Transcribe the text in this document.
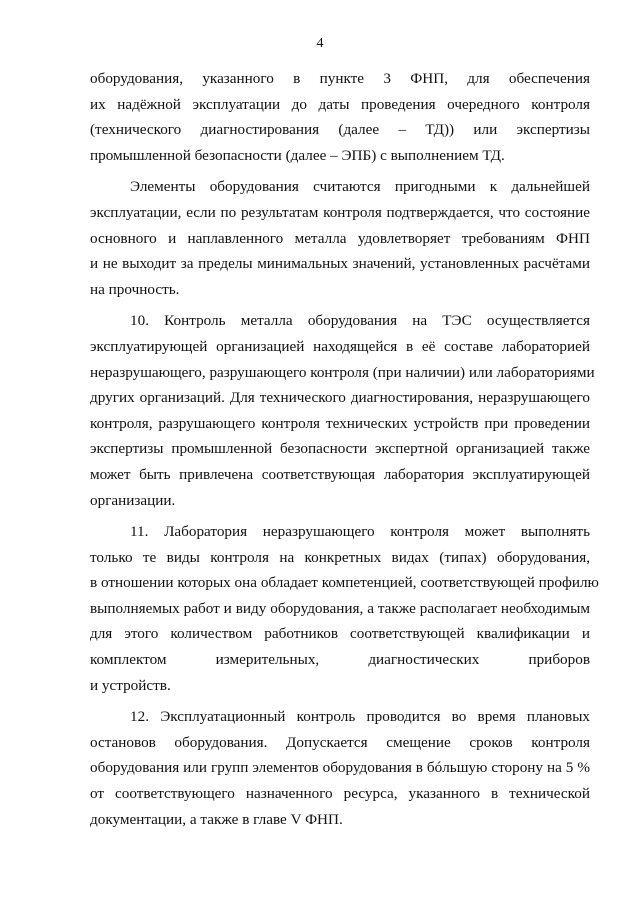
4

оборудования, указанного в пункте 3 ФНП, для обеспечения
их надёжной эксплуатации до даты проведения очередного контроля
(технического диагностирования (далее – ТД)) или экспертизы
промышленной безопасности (далее – ЭПБ) с выполнением ТД.

Элементы оборудования считаются пригодными к дальнейшей
эксплуатации, если по результатам контроля подтверждается, что состояние
основного и наплавленного металла удовлетворяет требованиям ФНП
и не выходит за пределы минимальных значений, установленных расчётами
на прочность.

10. Контроль металла оборудования на ТЭС осуществляется
эксплуатирующей организацией находящейся в её составе лабораторией
неразрушающего, разрушающего контроля (при наличии) или лабораториями
других организаций. Для технического диагностирования, неразрушающего
контроля, разрушающего контроля технических устройств при проведении
экспертизы промышленной безопасности экспертной организацией также
может быть привлечена соответствующая лаборатория эксплуатирующей
организации.

11. Лаборатория неразрушающего контроля может выполнять
только те виды контроля на конкретных видах (типах) оборудования,
в отношении которых она обладает компетенцией, соответствующей профилю
выполняемых работ и виду оборудования, а также располагает необходимым
для этого количеством работников соответствующей квалификации и
комплектом измерительных, диагностических приборов
и устройств.

12. Эксплуатационный контроль проводится во время плановых
остановов оборудования. Допускается смещение сроков контроля
оборудования или групп элементов оборудования в бóльшую сторону на 5 %
от соответствующего назначенного ресурса, указанного в технической
документации, а также в главе V ФНП.
